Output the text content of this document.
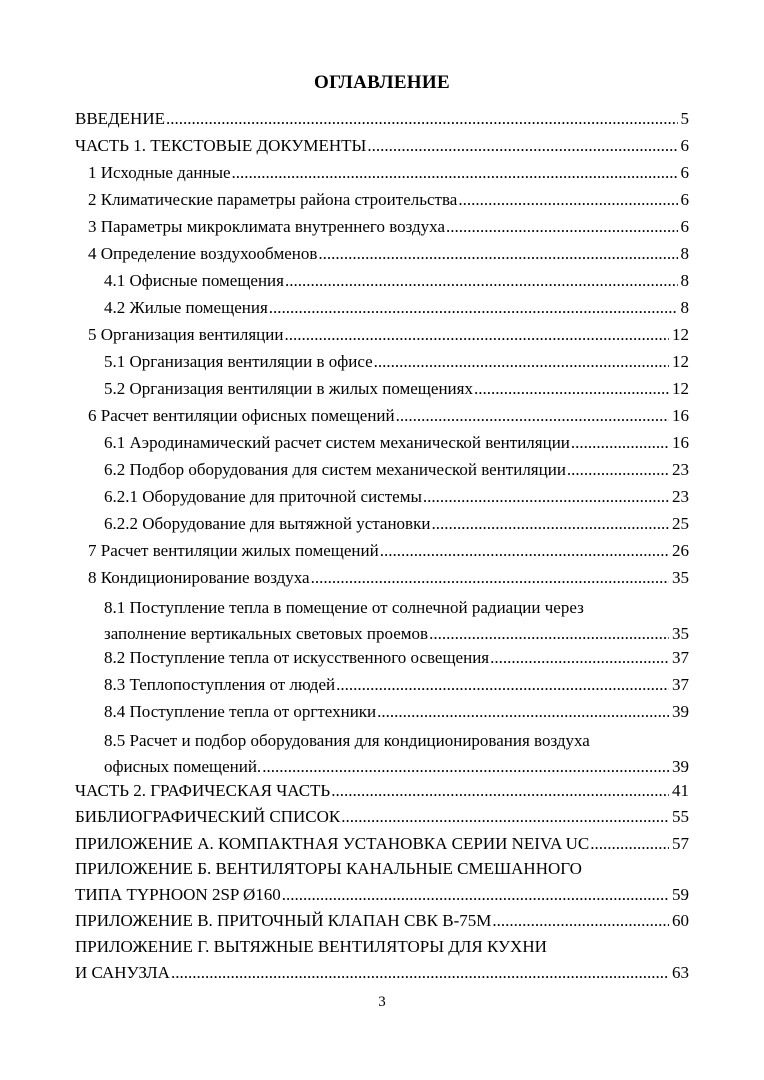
ОГЛАВЛЕНИЕ
ВВЕДЕНИЕ .....	5
ЧАСТЬ 1. ТЕКСТОВЫЕ ДОКУМЕНТЫ .....	6
1 Исходные данные .....	6
2 Климатические параметры района строительства .....	6
3 Параметры микроклимата внутреннего воздуха .....	6
4 Определение воздухообменов .....	8
4.1 Офисные помещения .....	8
4.2 Жилые помещения .....	8
5 Организация вентиляции .....	12
5.1 Организация вентиляции в офисе .....	12
5.2 Организация вентиляции в жилых помещениях .....	12
6 Расчет вентиляции офисных помещений .....	16
6.1 Аэродинамический расчет систем механической вентиляции .....	16
6.2 Подбор оборудования для систем механической вентиляции .....	23
6.2.1 Оборудование для приточной системы .....	23
6.2.2 Оборудование для вытяжной установки .....	25
7 Расчет вентиляции жилых помещений .....	26
8 Кондиционирование воздуха .....	35
8.1 Поступление тепла в помещение от солнечной радиации через
заполнение вертикальных световых проемов .....	35
8.2 Поступление тепла от искусственного освещения .....	37
8.3 Теплопоступления от людей .....	37
8.4 Поступление тепла от оргтехники .....	39
8.5 Расчет и подбор оборудования для кондиционирования воздуха
офисных помещений. .....	39
ЧАСТЬ 2. ГРАФИЧЕСКАЯ ЧАСТЬ .....	41
БИБЛИОГРАФИЧЕСКИЙ СПИСОК .....	55
ПРИЛОЖЕНИЕ А. КОМПАКТНАЯ УСТАНОВКА СЕРИИ NEIVA UC .....	57
ПРИЛОЖЕНИЕ Б. ВЕНТИЛЯТОРЫ КАНАЛЬНЫЕ СМЕШАННОГО
ТИПА TYPHOON 2SP Ø160 .....	59
ПРИЛОЖЕНИЕ В. ПРИТОЧНЫЙ КЛАПАН СВК В-75М .....	60
ПРИЛОЖЕНИЕ Г. ВЫТЯЖНЫЕ ВЕНТИЛЯТОРЫ ДЛЯ КУХНИ
И САНУЗЛА .....	63
3
